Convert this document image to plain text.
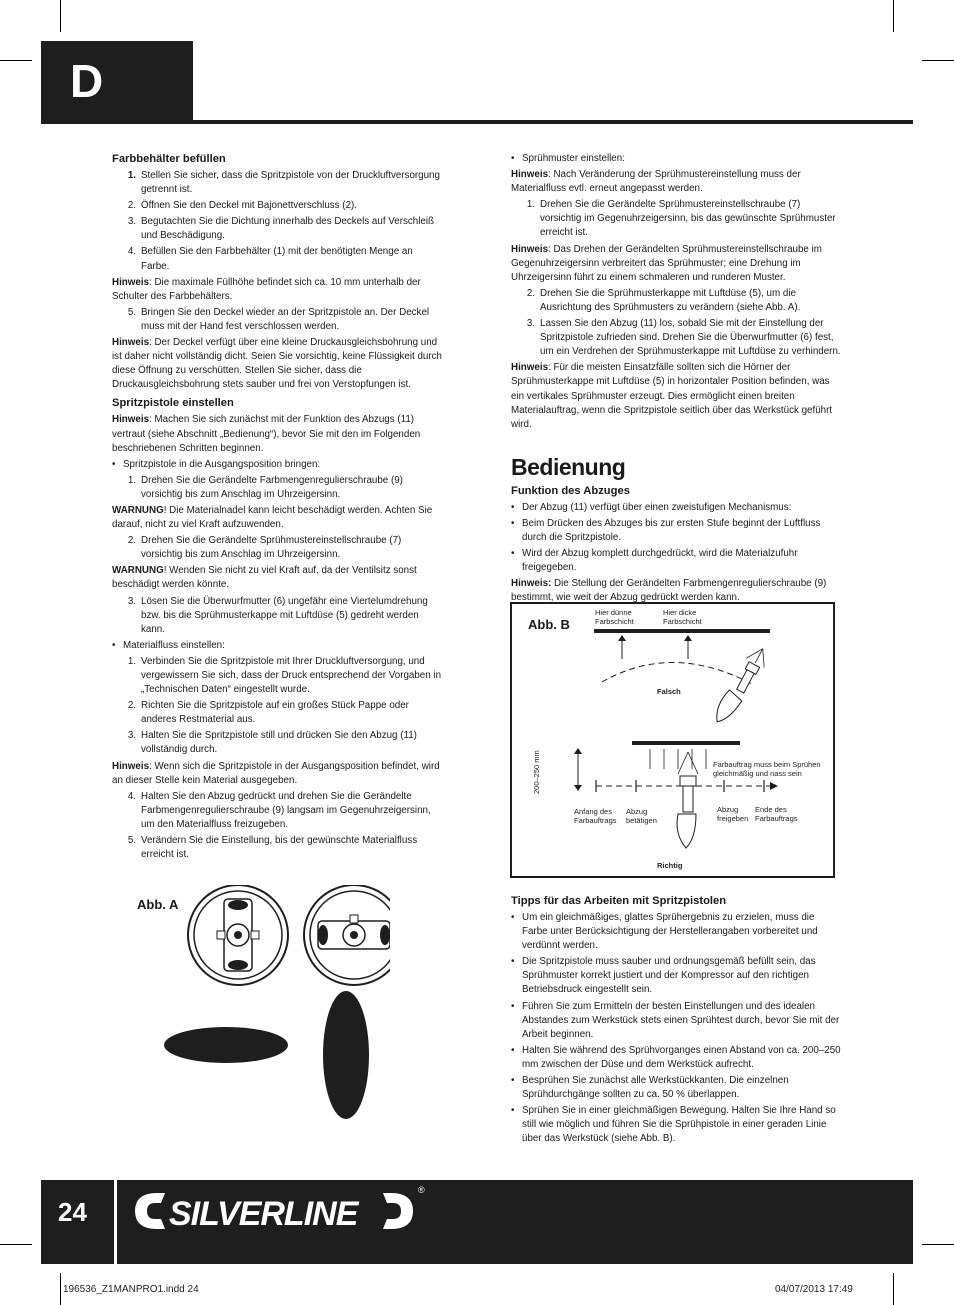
D
Farbbehälter befüllen
1. Stellen Sie sicher, dass die Spritzpistole von der Druckluftversorgung getrennt ist.
2. Öffnen Sie den Deckel mit Bajonettverschluss (2).
3. Begutachten Sie die Dichtung innerhalb des Deckels auf Verschleiß und Beschädigung.
4. Befüllen Sie den Farbbehälter (1) mit der benötigten Menge an Farbe.
Hinweis: Die maximale Füllhöhe befindet sich ca. 10 mm unterhalb der Schulter des Farbbehälters.
5. Bringen Sie den Deckel wieder an der Spritzpistole an. Der Deckel muss mit der Hand fest verschlossen werden.
Hinweis: Der Deckel verfügt über eine kleine Druckausgleichsbohrung und ist daher nicht vollständig dicht. Seien Sie vorsichtig, keine Flüssigkeit durch diese Öffnung zu verschütten. Stellen Sie sicher, dass die Druckausgleichsbohrung stets sauber und frei von Verstopfungen ist.
Spritzpistole einstellen
Hinweis: Machen Sie sich zunächst mit der Funktion des Abzugs (11) vertraut (siehe Abschnitt „Bedienung“), bevor Sie mit den im Folgenden beschriebenen Schritten beginnen.
• Spritzpistole in die Ausgangsposition bringen:
1. Drehen Sie die Gerändelte Farbmengenregulierschraube (9) vorsichtig bis zum Anschlag im Uhrzeigersinn.
WARNUNG! Die Materialnadel kann leicht beschädigt werden. Achten Sie darauf, nicht zu viel Kraft aufzuwenden.
2. Drehen Sie die Gerändelte Sprühmustereinstellschraube (7) vorsichtig bis zum Anschlag im Uhrzeigersinn.
WARNUNG! Wenden Sie nicht zu viel Kraft auf, da der Ventilsitz sonst beschädigt werden könnte.
3. Lösen Sie die Überwurfmutter (6) ungefähr eine Viertelumdrehung bzw. bis die Sprühmusterkappe mit Luftdüse (5) gedreht werden kann.
• Materialfluss einstellen:
1. Verbinden Sie die Spritzpistole mit Ihrer Druckluftversorgung, und vergewissern Sie sich, dass der Druck entsprechend der Vorgaben in „Technischen Daten“ eingestellt wurde.
2. Richten Sie die Spritzpistole auf ein großes Stück Pappe oder anderes Restmaterial aus.
3. Halten Sie die Spritzpistole still und drücken Sie den Abzug (11) vollständig durch.
Hinweis: Wenn sich die Spritzpistole in der Ausgangsposition befindet, wird an dieser Stelle kein Material ausgegeben.
4. Halten Sie den Abzug gedrückt und drehen Sie die Gerändelte Farbmengenregulierschraube (9) langsam im Gegenuhrzeigersinn, um den Materialfluss freizugeben.
5. Verändern Sie die Einstellung, bis der gewünschte Materialfluss erreicht ist.
Abb. A
• Sprühmuster einstellen:
Hinweis: Nach Veränderung der Sprühmustereinstellung muss der Materialfluss evtl. erneut angepasst werden.
1. Drehen Sie die Gerändelte Sprühmustereinstellschraube (7) vorsichtig im Gegenuhrzeigersinn, bis das gewünschte Sprühmuster erreicht ist.
Hinweis: Das Drehen der Gerändelten Sprühmustereinstellschraube im Gegenuhrzeigersinn verbreitert das Sprühmuster; eine Drehung im Uhrzeigersinn führt zu einem schmaleren und runderen Muster.
2. Drehen Sie die Sprühmusterkappe mit Luftdüse (5), um die Ausrichtung des Sprühmusters zu verändern (siehe Abb. A).
3. Lassen Sie den Abzug (11) los, sobald Sie mit der Einstellung der Spritzpistole zufrieden sind. Drehen Sie die Überwurfmutter (6) fest, um ein Verdrehen der Sprühmusterkappe mit Luftdüse zu verhindern.
Hinweis: Für die meisten Einsatzfälle sollten sich die Hörner der Sprühmusterkappe mit Luftdüse (5) in horizontaler Position befinden, was ein vertikales Sprühmuster erzeugt. Dies ermöglicht einen breiten Materialauftrag, wenn die Spritzpistole seitlich über das Werkstück geführt wird.
Bedienung
Funktion des Abzuges
• Der Abzug (11) verfügt über einen zweistufigen Mechanismus:
• Beim Drücken des Abzuges bis zur ersten Stufe beginnt der Luftfluss durch die Spritzpistole.
• Wird der Abzug komplett durchgedrückt, wird die Materialzufuhr freigegeben.
Hinweis: Die Stellung der Gerändelten Farbmengenregulierschraube (9) bestimmt, wie weit der Abzug gedrückt werden kann.
Abb. B
Hier dünne
Farbschicht
Hier dicke
Farbschicht
Falsch
200–250 mm	Farbauftrag muss beim Sprühen
gleichmäßig und nass sein
Anfang des
Farbauftrags
Abzug
betätigen
Abzug
freigeben
Ende des
Farbauftrags
Richtig
Tipps für das Arbeiten mit Spritzpistolen
• Um ein gleichmäßiges, glattes Sprühergebnis zu erzielen, muss die Farbe unter Berücksichtigung der Herstellerangaben vorbereitet und verdünnt werden.
• Die Spritzpistole muss sauber und ordnungsgemäß befüllt sein, das Sprühmuster korrekt justiert und der Kompressor auf den richtigen Betriebsdruck eingestellt sein.
• Führen Sie zum Ermitteln der besten Einstellungen und des idealen Abstandes zum Werkstück stets einen Sprühtest durch, bevor Sie mit der Arbeit beginnen.
• Halten Sie während des Sprühvorganges einen Abstand von ca. 200–250 mm zwischen der Düse und dem Werkstück aufrecht.
• Besprühen Sie zunächst alle Werkstückkanten. Die einzelnen Sprühdurchgänge sollten zu ca. 50 % überlappen.
• Sprühen Sie in einer gleichmäßigen Bewegung. Halten Sie Ihre Hand so still wie möglich und führen Sie die Sprühpistole in einer geraden Linie über das Werkstück (siehe Abb. B).
24 SILVERLINE
®
196536_Z1MANPRO1.indd 24	04/07/2013 17:49
